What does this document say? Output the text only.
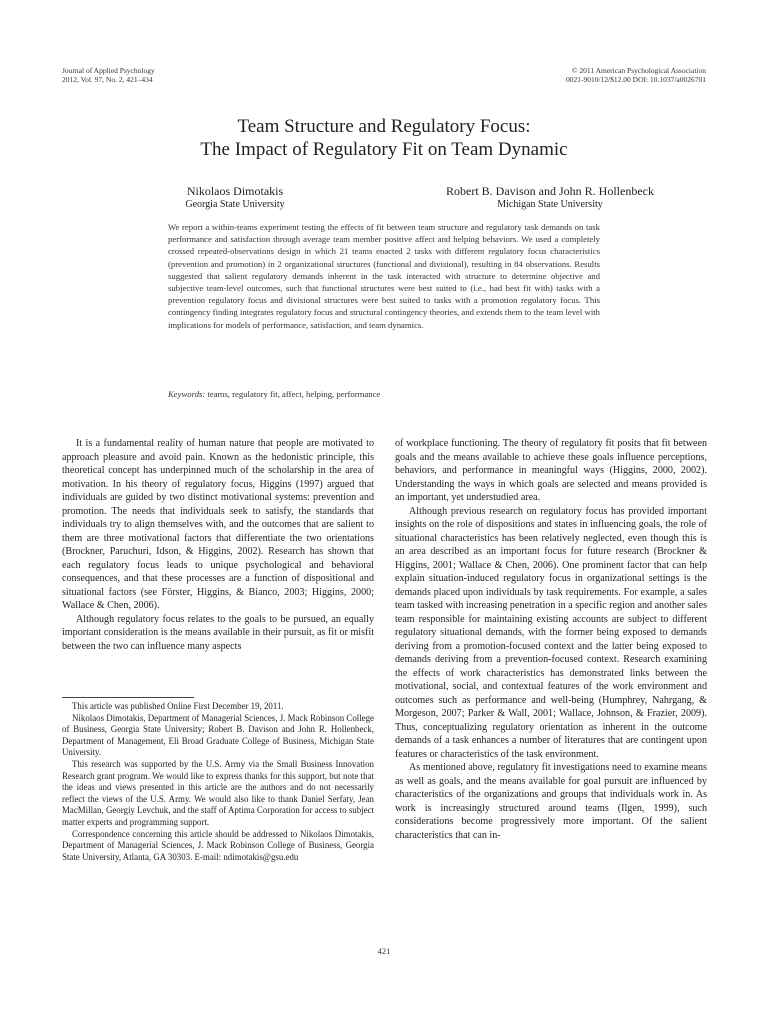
Journal of Applied Psychology
2012, Vol. 97, No. 2, 421–434
© 2011 American Psychological Association
0021-9010/12/$12.00 DOI: 10.1037/a0026701
Team Structure and Regulatory Focus:
The Impact of Regulatory Fit on Team Dynamic
Nikolaos Dimotakis
Georgia State University
Robert B. Davison and John R. Hollenbeck
Michigan State University
We report a within-teams experiment testing the effects of fit between team structure and regulatory task demands on task performance and satisfaction through average team member positive affect and helping behaviors. We used a completely crossed repeated-observations design in which 21 teams enacted 2 tasks with different regulatory focus characteristics (prevention and promotion) in 2 organizational structures (functional and divisional), resulting in 84 observations. Results suggested that salient regulatory demands inherent in the task interacted with structure to determine objective and subjective team-level outcomes, such that functional structures were best suited to (i.e., had best fit with) tasks with a prevention regulatory focus and divisional structures were best suited to tasks with a promotion regulatory focus. This contingency finding integrates regulatory focus and structural contingency theories, and extends them to the team level with implications for models of performance, satisfaction, and team dynamics.
Keywords: teams, regulatory fit, affect, helping, performance

It is a fundamental reality of human nature that people are motivated to approach pleasure and avoid pain. Known as the hedonistic principle, this theoretical concept has underpinned much of the scholarship in the area of motivation. In his theory of regulatory focus, Higgins (1997) argued that individuals are guided by two distinct motivational systems: prevention and promotion. The needs that individuals seek to satisfy, the standards that individuals try to align themselves with, and the outcomes that are salient to them are three motivational factors that differentiate the two orientations (Brockner, Paruchuri, Idson, & Higgins, 2002). Research has shown that each regulatory focus leads to unique psychological and behavioral consequences, and that these processes are a function of dispositional and situational factors (see Förster, Higgins, & Bianco, 2003; Higgins, 2000; Wallace & Chen, 2006).

Although regulatory focus relates to the goals to be pursued, an equally important consideration is the means available in their pursuit, as fit or misfit between the two can influence many aspects

This article was published Online First December 19, 2011.

Nikolaos Dimotakis, Department of Managerial Sciences, J. Mack Robinson College of Business, Georgia State University; Robert B. Davison and John R. Hollenbeck, Department of Management, Eli Broad Graduate College of Business, Michigan State University.

This research was supported by the U.S. Army via the Small Business Innovation Research grant program. We would like to express thanks for this support, but note that the ideas and views presented in this article are the authors and do not necessarily reflect the views of the U.S. Army. We would also like to thank Daniel Serfaty, Jean MacMillan, Georgiy Levchuk, and the staff of Aptima Corporation for access to subject matter experts and programming support.

Correspondence concerning this article should be addressed to Nikolaos Dimotakis, Department of Managerial Sciences, J. Mack Robinson College of Business, Georgia State University, Atlanta, GA 30303. E-mail: ndimotakis@gsu.edu

of workplace functioning. The theory of regulatory fit posits that fit between goals and the means available to achieve these goals influence perceptions, behaviors, and performance in meaningful ways (Higgins, 2000, 2002). Understanding the ways in which goals are selected and means provided is an important, yet understudied area.

Although previous research on regulatory focus has provided important insights on the role of dispositions and states in influencing goals, the role of situational characteristics has been relatively neglected, even though this is an area described as an important focus for future research (Brockner & Higgins, 2001; Wallace & Chen, 2006). One prominent factor that can help explain situation-induced regulatory focus in organizational settings is the demands placed upon individuals by task requirements. For example, a sales team tasked with increasing penetration in a specific region and another sales team responsible for maintaining existing accounts are subject to different regulatory situational demands, with the former being exposed to demands deriving from a promotion-focused context and the latter being exposed to demands deriving from a prevention-focused context. Research examining the effects of work characteristics has demonstrated links between the motivational, social, and contextual features of the work environment and outcomes such as performance and well-being (Humphrey, Nahrgang, & Morgeson, 2007; Parker & Wall, 2001; Wallace, Johnson, & Frazier, 2009). Thus, conceptualizing regulatory orientation as inherent in the outcome demands of a task enhances a number of literatures that are contingent upon features or characteristics of the task environment.

As mentioned above, regulatory fit investigations need to examine means as well as goals, and the means available for goal pursuit are influenced by characteristics of the organizations and groups that individuals work in. As work is increasingly structured around teams (Ilgen, 1999), such considerations become progressively more important. Of the salient characteristics that can in-

421
